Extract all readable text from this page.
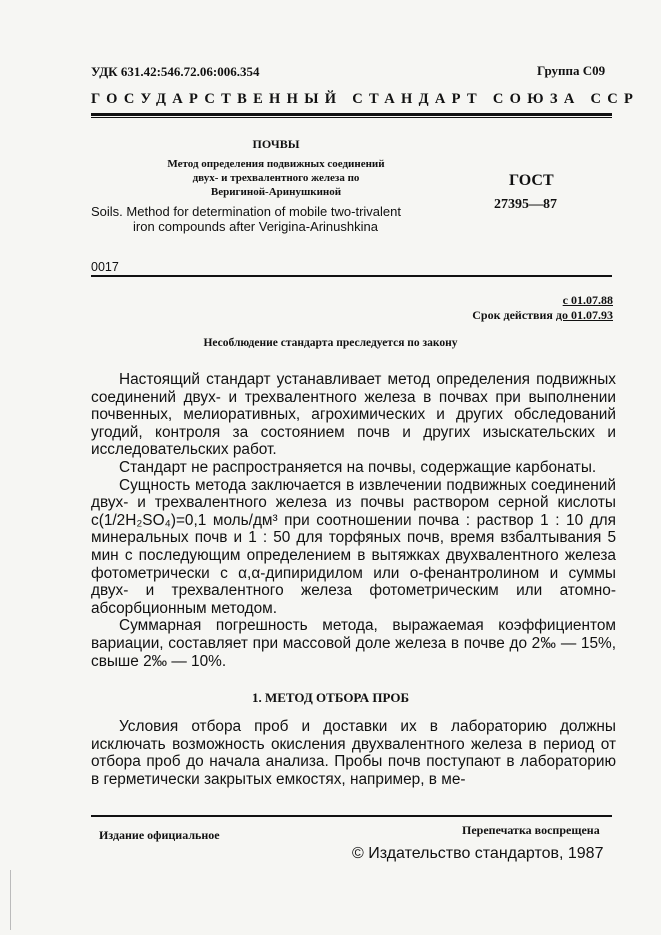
УДК 631.42:546.72.06:006.354	Группа С09
ГОСУДАРСТВЕННЫЙ СТАНДАРТ СОЮЗА ССР
ПОЧВЫ
Метод определения подвижных соединений
двух- и трехвалентного железа по
Веригиной-Аринушкиной
ГОСТ
27395—87
Soils. Method for determination of mobile two-trivalent
iron compounds after Verigina-Arinushkina
0017
с 01.07.88
Срок действия до 01.07.93
Несоблюдение стандарта преследуется по закону

Настоящий стандарт устанавливает метод определения подвижных соединений двух- и трехвалентного железа в почвах при выполнении почвенных, мелиоративных, агрохимических и других обследований угодий, контроля за состоянием почв и других изыскательских и исследовательских работ.

Стандарт не распространяется на почвы, содержащие карбонаты.

Сущность метода заключается в извлечении подвижных соединений двух- и трехвалентного железа из почвы раствором серной кислоты c(1/2H₂SO₄)=0,1 моль/дм³ при соотношении почва : раствор 1 : 10 для минеральных почв и 1 : 50 для торфяных почв, время взбалтывания 5 мин с последующим определением в вытяжках двухвалентного железа фотометрически с α,α-дипиридилом или o-фенантролином и суммы двух- и трехвалентного железа фотометрическим или атомно-абсорбционным методом.

Суммарная погрешность метода, выражаемая коэффициентом вариации, составляет при массовой доле железа в почве до 2‰ — 15%, свыше 2‰ — 10%.

1. МЕТОД ОТБОРА ПРОБ

Условия отбора проб и доставки их в лабораторию должны исключать возможность окисления двухвалентного железа в период от отбора проб до начала анализа. Пробы почв поступают в лабораторию в герметически закрытых емкостях, например, в ме-

Издание официальное	Перепечатка воспрещена
© Издательство стандартов, 1987
